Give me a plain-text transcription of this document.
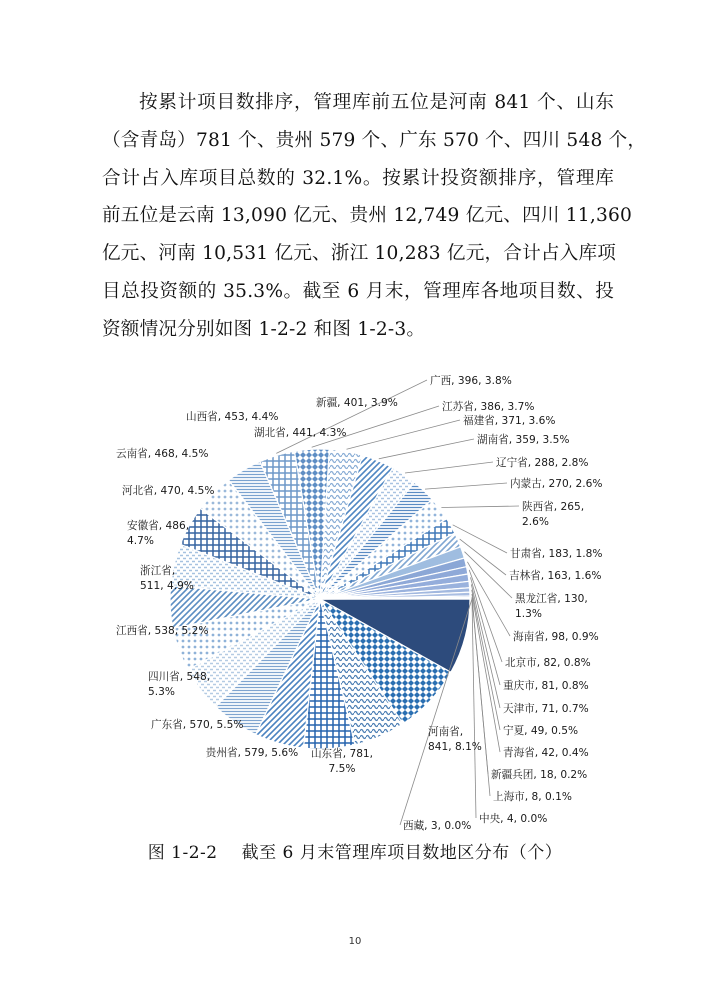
按累计项目数排序，管理库前五位是河南 841 个、山东
（含青岛）781 个、贵州 579 个、广东 570 个、四川 548 个，
合计占入库项目总数的 32.1%。按累计投资额排序，管理库
前五位是云南 13,090 亿元、贵州 12,749 亿元、四川 11,360
亿元、河南 10,531 亿元、浙江 10,283 亿元，合计占入库项
目总投资额的 35.3%。截至 6 月末，管理库各地项目数、投
资额情况分别如图 1-2-2 和图 1-2-3。
河南省, 841, 8.1%
山东省, 781, 7.5%
贵州省, 579, 5.6%
广东省, 570, 5.5%
四川省, 548, 5.3%
江西省, 538, 5.2%
浙江省, 511, 4.9%
安徽省, 486, 4.7%
河北省, 470, 4.5%
云南省, 468, 4.5%
山西省, 453, 4.4%
湖北省, 441, 4.3%
新疆, 401, 3.9%
广西, 396, 3.8%
江苏省, 386, 3.7%
福建省, 371, 3.6%
湖南省, 359, 3.5%
辽宁省, 288, 2.8%
内蒙古, 270, 2.6%
陕西省, 265, 2.6%
甘肃省, 183, 1.8%
吉林省, 163, 1.6%
黑龙江省, 130, 1.3%
海南省, 98, 0.9%
北京市, 82, 0.8%
重庆市, 81, 0.8%
天津市, 71, 0.7%
宁夏, 49, 0.5%
青海省, 42, 0.4%
新疆兵团, 18, 0.2%
上海市, 8, 0.1%
中央, 4, 0.0%
西藏, 3, 0.0%
图 1-2-2 截至 6 月末管理库项目数地区分布（个）
10
